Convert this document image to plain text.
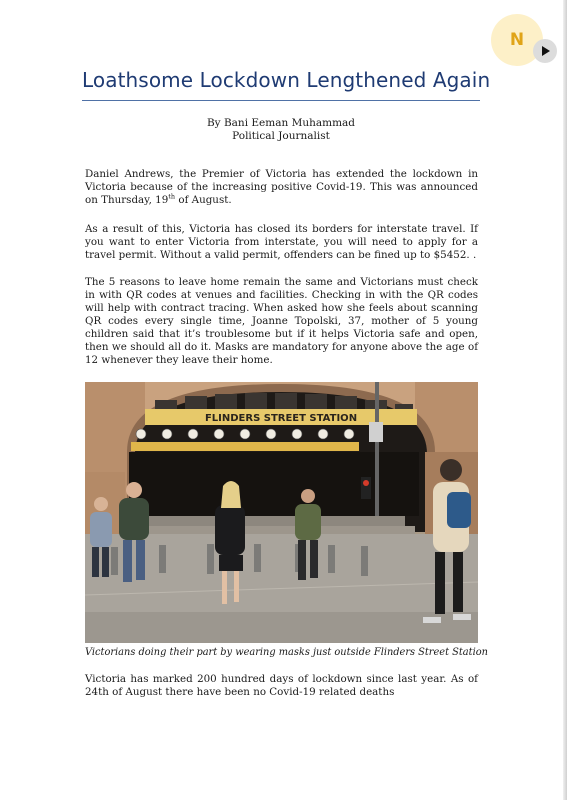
N
Loathsome Lockdown Lengthened Again
By Bani Eeman Muhammad
Political Journalist

Daniel Andrews, the Premier of Victoria has extended the lockdown in Victoria because of the increasing positive Covid-19. This was announced on Thursday, 19th of August.

As a result of this, Victoria has closed its borders for interstate travel. If you want to enter Victoria from interstate, you will need to apply for a travel permit. Without a valid permit, offenders can be fined up to $5452. .

The 5 reasons to leave home remain the same and Victorians must check in with QR codes at venues and facilities. Checking in with the QR codes will help with contract tracing. When asked how she feels about scanning QR codes every single time, Joanne Topolski, 37, mother of 5 young children said that it’s troublesome but if it helps Victoria safe and open, then we should all do it. Masks are mandatory for anyone above the age of 12 whenever they leave their home.

FLINDERS STREET STATION
Victorians doing their part by wearing masks just outside Flinders Street Station

Victoria has marked 200 hundred days of lockdown since last year. As of 24th of August there have been no Covid-19 related deaths
